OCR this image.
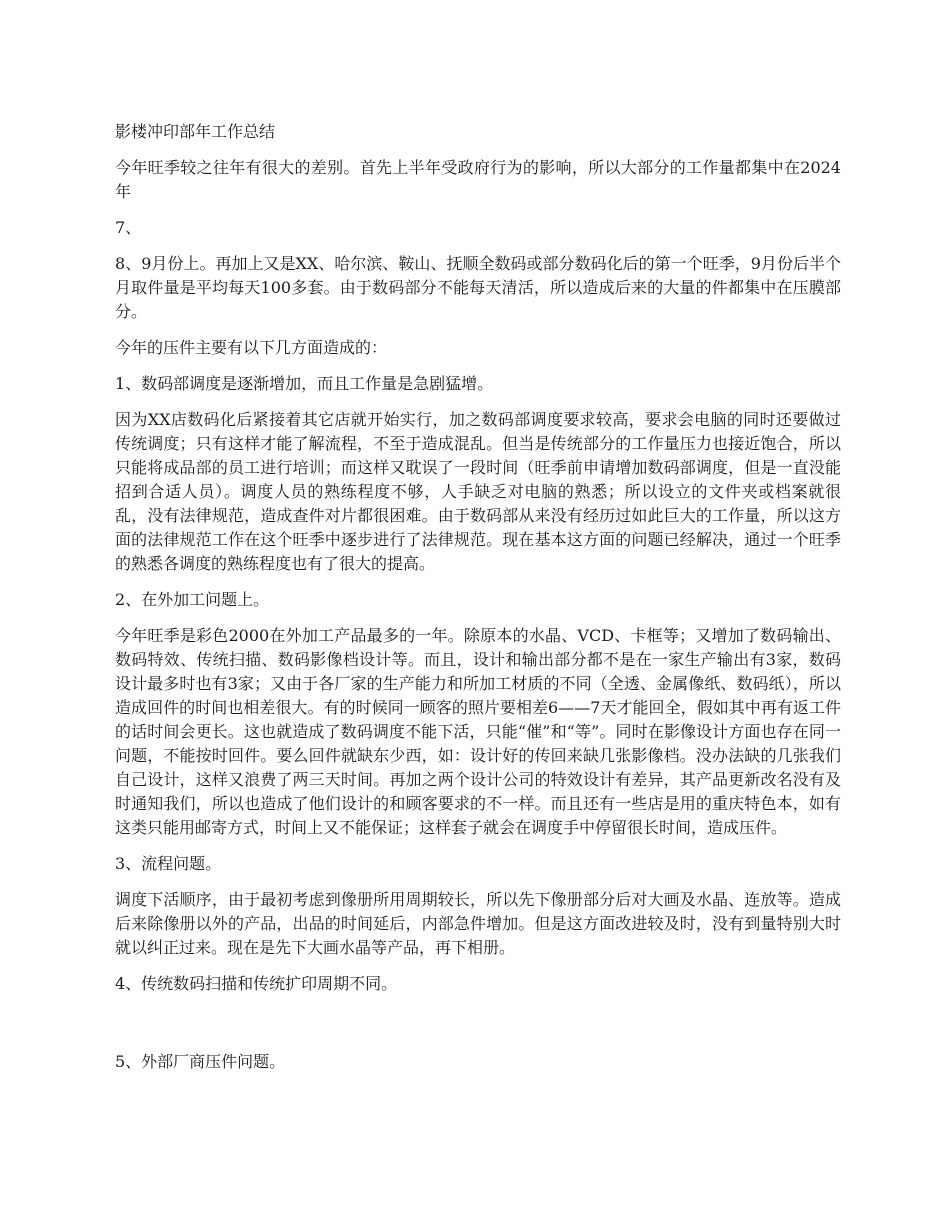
影楼冲印部年工作总结

今年旺季较之往年有很大的差别。首先上半年受政府行为的影响，所以大部分的工作量都集中在2024年

7、

8、9月份上。再加上又是XX、哈尔滨、鞍山、抚顺全数码或部分数码化后的第一个旺季，9月份后半个月取件量是平均每天100多套。由于数码部分不能每天清活，所以造成后来的大量的件都集中在压膜部分。

今年的压件主要有以下几方面造成的：

1、数码部调度是逐渐增加，而且工作量是急剧猛增。

因为XX店数码化后紧接着其它店就开始实行，加之数码部调度要求较高，要求会电脑的同时还要做过传统调度；只有这样才能了解流程，不至于造成混乱。但当是传统部分的工作量压力也接近饱合，所以只能将成品部的员工进行培训；而这样又耽误了一段时间（旺季前申请增加数码部调度，但是一直没能招到合适人员）。调度人员的熟练程度不够，人手缺乏对电脑的熟悉；所以设立的文件夹或档案就很乱，没有法律规范，造成查件对片都很困难。由于数码部从来没有经历过如此巨大的工作量，所以这方面的法律规范工作在这个旺季中逐步进行了法律规范。现在基本这方面的问题已经解决，通过一个旺季的熟悉各调度的熟练程度也有了很大的提高。

2、在外加工问题上。

今年旺季是彩色2000在外加工产品最多的一年。除原本的水晶、VCD、卡框等；又增加了数码输出、数码特效、传统扫描、数码影像档设计等。而且，设计和输出部分都不是在一家生产输出有3家，数码设计最多时也有3家；又由于各厂家的生产能力和所加工材质的不同（全透、金属像纸、数码纸），所以造成回件的时间也相差很大。有的时候同一顾客的照片要相差6——7天才能回全，假如其中再有返工件的话时间会更长。这也就造成了数码调度不能下活，只能“催”和“等”。同时在影像设计方面也存在同一问题，不能按时回件。要么回件就缺东少西，如：设计好的传回来缺几张影像档。没办法缺的几张我们自己设计，这样又浪费了两三天时间。再加之两个设计公司的特效设计有差异，其产品更新改名没有及时通知我们，所以也造成了他们设计的和顾客要求的不一样。而且还有一些店是用的重庆特色本，如有这类只能用邮寄方式，时间上又不能保证；这样套子就会在调度手中停留很长时间，造成压件。

3、流程问题。

调度下活顺序，由于最初考虑到像册所用周期较长，所以先下像册部分后对大画及水晶、连放等。造成后来除像册以外的产品，出品的时间延后，内部急件增加。但是这方面改进较及时，没有到量特别大时就以纠正过来。现在是先下大画水晶等产品，再下相册。

4、传统数码扫描和传统扩印周期不同。

5、外部厂商压件问题。
